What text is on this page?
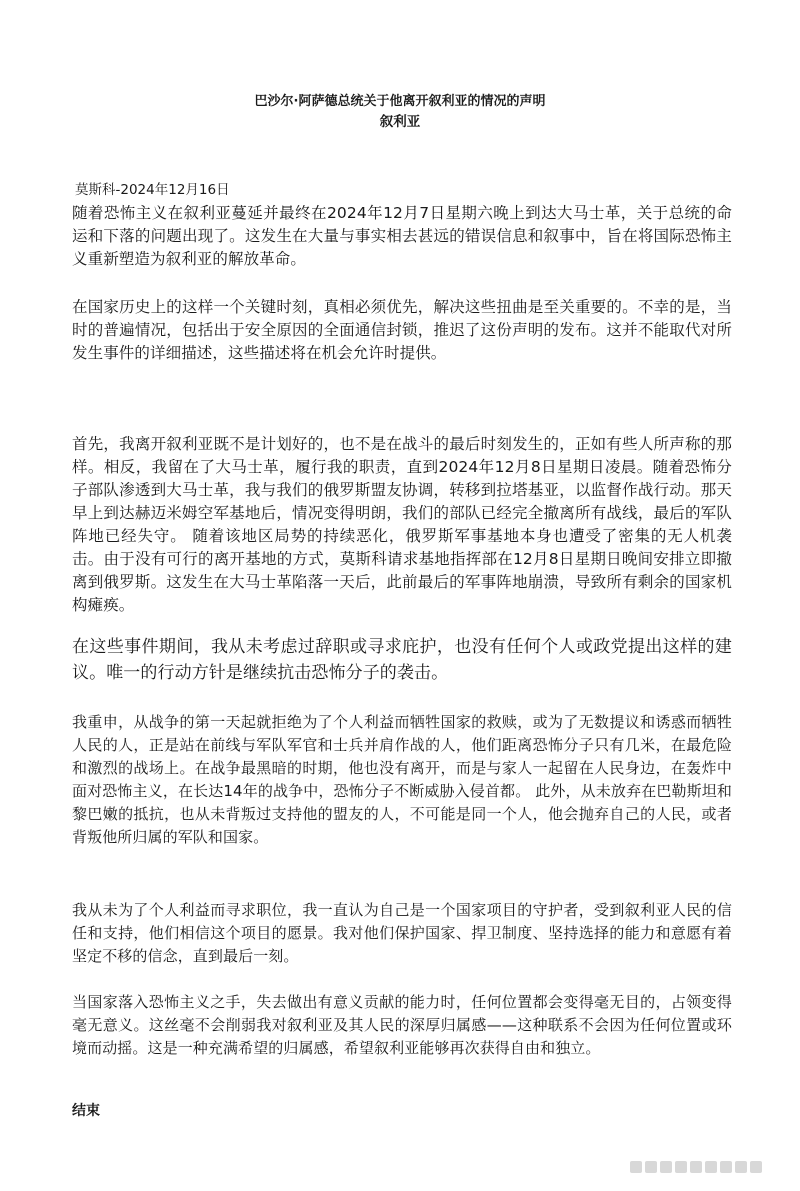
巴沙尔·阿萨德总统关于他离开叙利亚的情况的声明

叙利亚

莫斯科-2024年12月16日

随着恐怖主义在叙利亚蔓延并最终在2024年12月7日星期六晚上到达大马士革，关于总统的命运和下落的问题出现了。这发生在大量与事实相去甚远的错误信息和叙事中，旨在将国际恐怖主义重新塑造为叙利亚的解放革命。

在国家历史上的这样一个关键时刻，真相必须优先，解决这些扭曲是至关重要的。不幸的是，当时的普遍情况，包括出于安全原因的全面通信封锁，推迟了这份声明的发布。这并不能取代对所发生事件的详细描述，这些描述将在机会允许时提供。

首先，我离开叙利亚既不是计划好的，也不是在战斗的最后时刻发生的，正如有些人所声称的那样。相反，我留在了大马士革，履行我的职责，直到2024年12月8日星期日凌晨。随着恐怖分子部队渗透到大马士革，我与我们的俄罗斯盟友协调，转移到拉塔基亚，以监督作战行动。那天早上到达赫迈米姆空军基地后，情况变得明朗，我们的部队已经完全撤离所有战线，最后的军队阵地已经失守。 随着该地区局势的持续恶化，俄罗斯军事基地本身也遭受了密集的无人机袭击。由于没有可行的离开基地的方式，莫斯科请求基地指挥部在12月8日星期日晚间安排立即撤离到俄罗斯。这发生在大马士革陷落一天后，此前最后的军事阵地崩溃，导致所有剩余的国家机构瘫痪。

在这些事件期间，我从未考虑过辞职或寻求庇护，也没有任何个人或政党提出这样的建议。唯一的行动方针是继续抗击恐怖分子的袭击。

我重申，从战争的第一天起就拒绝为了个人利益而牺牲国家的救赎，或为了无数提议和诱惑而牺牲人民的人，正是站在前线与军队军官和士兵并肩作战的人，他们距离恐怖分子只有几米，在最危险和激烈的战场上。在战争最黑暗的时期，他也没有离开，而是与家人一起留在人民身边，在轰炸中面对恐怖主义，在长达14年的战争中，恐怖分子不断威胁入侵首都。 此外，从未放弃在巴勒斯坦和黎巴嫩的抵抗，也从未背叛过支持他的盟友的人，不可能是同一个人，他会抛弃自己的人民，或者背叛他所归属的军队和国家。

我从未为了个人利益而寻求职位，我一直认为自己是一个国家项目的守护者，受到叙利亚人民的信任和支持，他们相信这个项目的愿景。我对他们保护国家、捍卫制度、坚持选择的能力和意愿有着坚定不移的信念，直到最后一刻。

当国家落入恐怖主义之手，失去做出有意义贡献的能力时，任何位置都会变得毫无目的，占领变得毫无意义。这丝毫不会削弱我对叙利亚及其人民的深厚归属感——这种联系不会因为任何位置或环境而动摇。这是一种充满希望的归属感，希望叙利亚能够再次获得自由和独立。

结束
